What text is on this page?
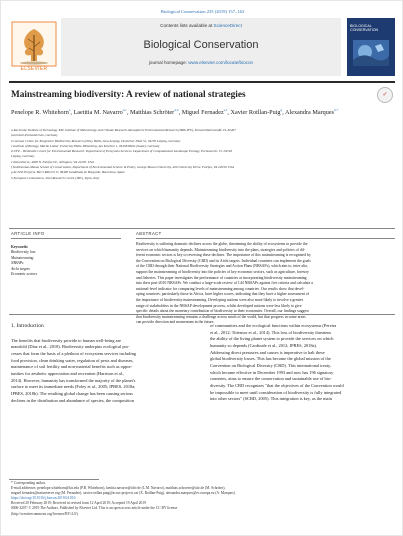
Biological Conservation 235 (2019) 157–163
ELSEVIER
Contents lists available at ScienceDirect
Biological Conservation
journal homepage: www.elsevier.com/locate/biocon
BIOLOGICAL CONSERVATION
Mainstreaming biodiversity: A review of national strategies	✓
Penelope R. Whitehorn$^a$, Laetitia M. Navarro$^{b,c}$, Matthias Schröter$^{d,b}$, Miguel Fernadez$^{e,f}$, Xavier Rotllan-Puig$^g$, Alexandra Marques$^{h,*}$
a Karlsruhe Institute of Technology KIT, Institute of Meteorology and Climate Research Atmospheric Environmental Research (IMK-IFU), Kreuzeckbahnstraße 19, 82467
Garmisch-Partenkirchen, Germany
b German Centre for Integrative Biodiversity Research (iDiv), Halle-Jena-Leipzig, Deutscher Platz 5e, 04103 Leipzig, Germany
c Institute of Biology, Martin Luther University Halle-Wittenberg, Am Kirchtor 1, 06108 Halle (Saale), Germany
d UFZ – Helmholtz Centre for Environmental Research, Department of Ecosystem Services, Department of Computational Landscape Ecology, Permoserstr. 15, 04318
Leipzig, Germany
e NatureServe, 4600 N. Fairfax Dr., Arlington, VA 22203, USA
f Smithsonian-Mason School of Conservation, Department of Environmental Science & Policy, George Mason University, 400 University Drive, Fairfax, VA 22030, USA
g ACOSS Projects, Burri Ribell 9 Jr, 08490 Gandiluda de Borgardo, Barcelona, Spain
h European Commission, Joint Research Centre (JRC), Ispra, Italy
ARTICLE INFO	ABSTRACT
Keywords:
Biodiversity loss
Mainstreaming
NBSAPs
Aichi targets
Economic sectors
Biodiversity is suffering dramatic declines across the globe, threatening the ability of ecosystems to provide the
services on which humanity depends. Mainstreaming biodiversity into the plans, strategies and policies of dif-
ferent economic sectors is key to reversing these declines. The importance of this mainstreaming is recognized by
the Convention on Biological Diversity (CBD) and its Aichi targets. Individual countries can implement the goals
of the CBD through their National Biodiversity Strategies and Action Plans (NBSAPs), which aim to, inter alia,
support the mainstreaming of biodiversity into the policies of key economic sectors, such as agriculture, forestry
and fisheries. This paper investigates the performance of countries at incorporating biodiversity mainstreaming
into their post-2010 NBSAPs. We conduct a large-scale review of 144 NBSAPs against five criteria and calculate a
national-level indicator for comparing levels of mainstreaming among countries. Our results show that devel-
oping countries, particularly those in Africa, have higher scores, indicating that they have a higher assessment of
the importance of biodiversity mainstreaming. Developing nations were also more likely to involve a greater
range of stakeholders in the NBSAP development process, whilst developed nations were less likely to give
specific details about the monetary contribution of biodiversity to their economies. Overall, our findings suggest
that biodiversity mainstreaming remains a challenge across much of the world, but that progress in some areas
can provide direction and momentum in the future.
1. Introduction
The benefits that biodiversity provide to human well-being are
manifold (Díaz et al., 2018). Biodiversity underpins ecological pro-
cesses that form the basis of a plethora of ecosystem services including
food provision, clean drinking water, regulation of pests and diseases,
maintenance of soil fertility and non-material benefits such as oppor-
tunities for aesthetic appreciation and recreation (Harrison et al.,
2014). However, humanity has transformed the majority of the planet's
surface to meet its immediate needs (Foley et al., 2005; IPBES, 2018a;
IPBES, 2018b). The resulting global change has been causing serious
declines in the distribution and abundance of species, the composition
of communities and the ecological functions within ecosystems (Pereira
et al., 2012; Tittensor et al., 2014). This loss of biodiversity threatens
the ability of the living planet system to provide the services on which
humanity so depends (Cardinale et al., 2012; IPBES, 2018a).
Addressing direct pressures and causes is imperative to halt these
global biodiversity losses. This has become the global mission of the
Convention on Biological Diversity (CBD). This international treaty,
which became effective in December 1993 and now has 196 signatory
countries, aims to ensure the conservation and sustainable use of bio-
diversity. The CBD recognizes "that the objectives of the Convention would
be impossible to meet until consideration of biodiversity is fully integrated
into other sectors" (SCBD, 2005). This integration is key, as the main
* Corresponding author.
E-mail addresses: penelope.whitehorn@kit.edu (P.R. Whitehorn), laetitia.navarro@idiv.de (L.M. Navarro), matthias.schroeter@ufz.de (M. Schröter),
miguel.fernadez@natureserve.org (M. Fernadez), xavier.rotllan.puig@acoss-projects.cat (X. Rotllan-Puig), alexandra.marques@ec.europa.eu (A. Marques).
https://doi.org/10.1016/j.biocon.2019.04.016
Received 20 February 2019; Received in revised form 12 April 2019; Accepted 19 April 2019
0006-3207/ © 2019 The Authors. Published by Elsevier Ltd. This is an open access article under the CC BY license
(http://creativecommons.org/licenses/BY/4.0/).
